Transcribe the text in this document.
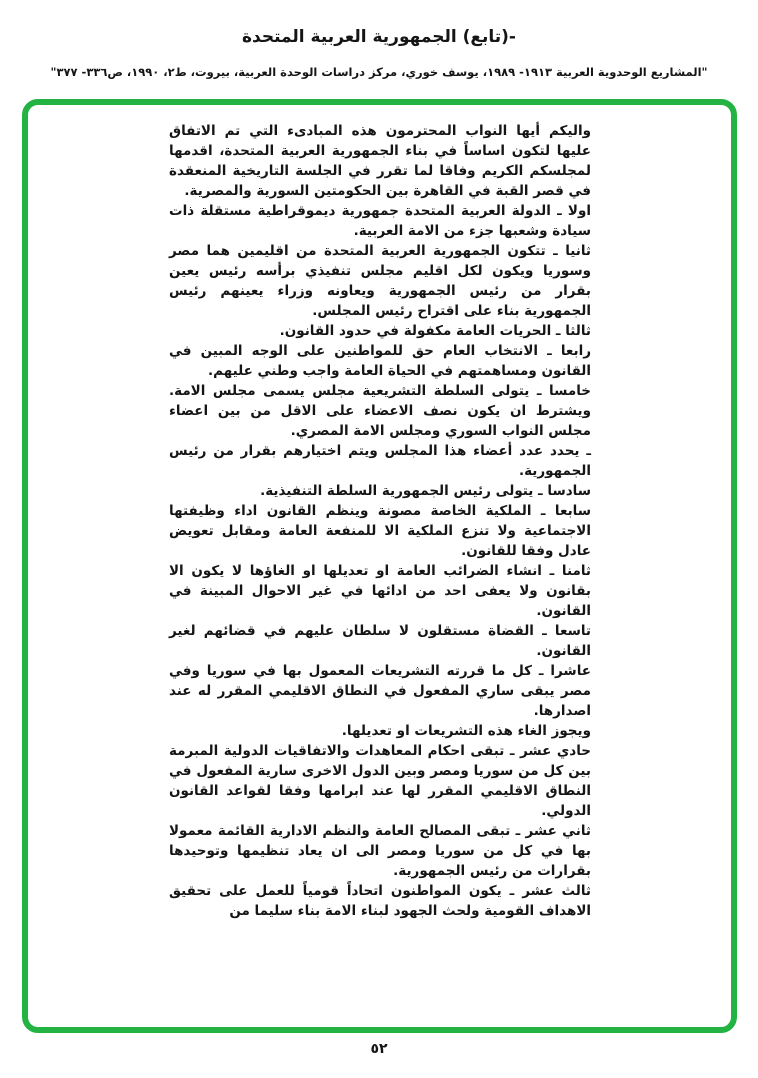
-(تابع) الجمهورية العربية المتحدة
"المشاريع الوحدوية العربية ١٩١٣- ١٩٨٩، يوسف خوري، مركز دراسات الوحدة العربية، بيروت، ط٢، ١٩٩٠، ص٣٣٦- ٣٧٧"

واليكم أيها النواب المحترمون هذه المبادىء التي تم الاتفاق عليها لتكون اساساً في بناء الجمهورية العربية المتحدة، اقدمها لمجلسكم الكريم وفاقا لما تقرر في الجلسة التاريخية المنعقدة في قصر القبة في القاهرة بين الحكومتين السورية والمصرية.

اولا ـ الدولة العربية المتحدة جمهورية ديموقراطية مستقلة ذات سيادة وشعبها جزء من الامة العربية.

ثانيا ـ تتكون الجمهورية العربية المتحدة من اقليمين هما مصر وسوريا ويكون لكل اقليم مجلس تنفيذي برأسه رئيس يعين بقرار من رئيس الجمهورية ويعاونه وزراء يعينهم رئيس الجمهورية بناء على اقتراح رئيس المجلس.

ثالثا ـ الحريات العامة مكفولة في حدود القانون.

رابعا ـ الانتخاب العام حق للمواطنين على الوجه المبين في القانون ومساهمتهم في الحياة العامة واجب وطني عليهم.

خامسا ـ يتولى السلطة التشريعية مجلس يسمى مجلس الامة. ويشترط ان يكون نصف الاعضاء على الاقل من بين اعضاء مجلس النواب السوري ومجلس الامة المصري.

ـ يحدد عدد أعضاء هذا المجلس ويتم اختيارهم بقرار من رئيس الجمهورية.

سادسا ـ يتولى رئيس الجمهورية السلطة التنفيذية.

سابعا ـ الملكية الخاصة مصونة وينظم القانون اداء وظيفتها الاجتماعية ولا تنزع الملكية الا للمنفعة العامة ومقابل تعويض عادل وفقا للقانون.

ثامنا ـ انشاء الضرائب العامة او تعديلها او الغاؤها لا يكون الا بقانون ولا يعفى احد من ادائها في غير الاحوال المبينة في القانون.

تاسعا ـ القضاة مستقلون لا سلطان عليهم في قضائهم لغير القانون.

عاشرا ـ كل ما قررته التشريعات المعمول بها في سوريا وفي مصر يبقى ساري المفعول في النطاق الاقليمي المقرر له عند اصدارها.

ويجوز الغاء هذه التشريعات او تعديلها.

حادي عشر ـ تبقى احكام المعاهدات والاتفاقيات الدولية المبرمة بين كل من سوريا ومصر وبين الدول الاخرى سارية المفعول في النطاق الاقليمي المقرر لها عند ابرامها وفقا لقواعد القانون الدولي.

ثاني عشر ـ تبقى المصالح العامة والنظم الادارية القائمة معمولا بها في كل من سوريا ومصر الى ان يعاد تنظيمها وتوحيدها بقرارات من رئيس الجمهورية.

ثالث عشر ـ يكون المواطنون اتحاداً قومياً للعمل على تحقيق الاهداف القومية ولحث الجهود لبناء الامة بناء سليما من

٥٢
